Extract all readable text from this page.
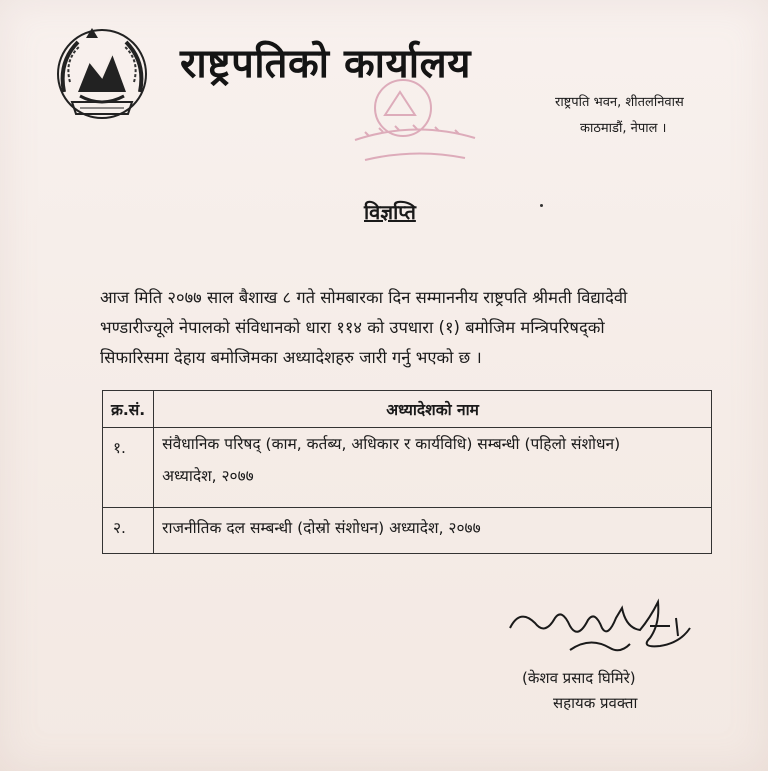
राष्ट्रपतिको कार्यालय
राष्ट्रपति भवन, शीतलनिवास
काठमाडौं, नेपाल ।
विज्ञप्ति
आज मिति २०७७ साल बैशाख ८ गते सोमबारका दिन सम्माननीय राष्ट्रपति श्रीमती विद्यादेवी
भण्डारीज्यूले नेपालको संविधानको धारा ११४ को उपधारा (१) बमोजिम मन्त्रिपरिषद्‌को
सिफारिसमा देहाय बमोजिमका अध्यादेशहरु जारी गर्नु भएको छ ।
क्र.सं.	अध्यादेशको नाम
१.	संवैधानिक परिषद् (काम, कर्तब्य, अधिकार र कार्यविधि) सम्बन्धी (पहिलो संशोधन)
अध्यादेश, २०७७

२.	राजनीतिक दल सम्बन्धी (दोस्रो संशोधन) अध्यादेश, २०७७
(केशव प्रसाद घिमिरे)
सहायक प्रवक्ता
